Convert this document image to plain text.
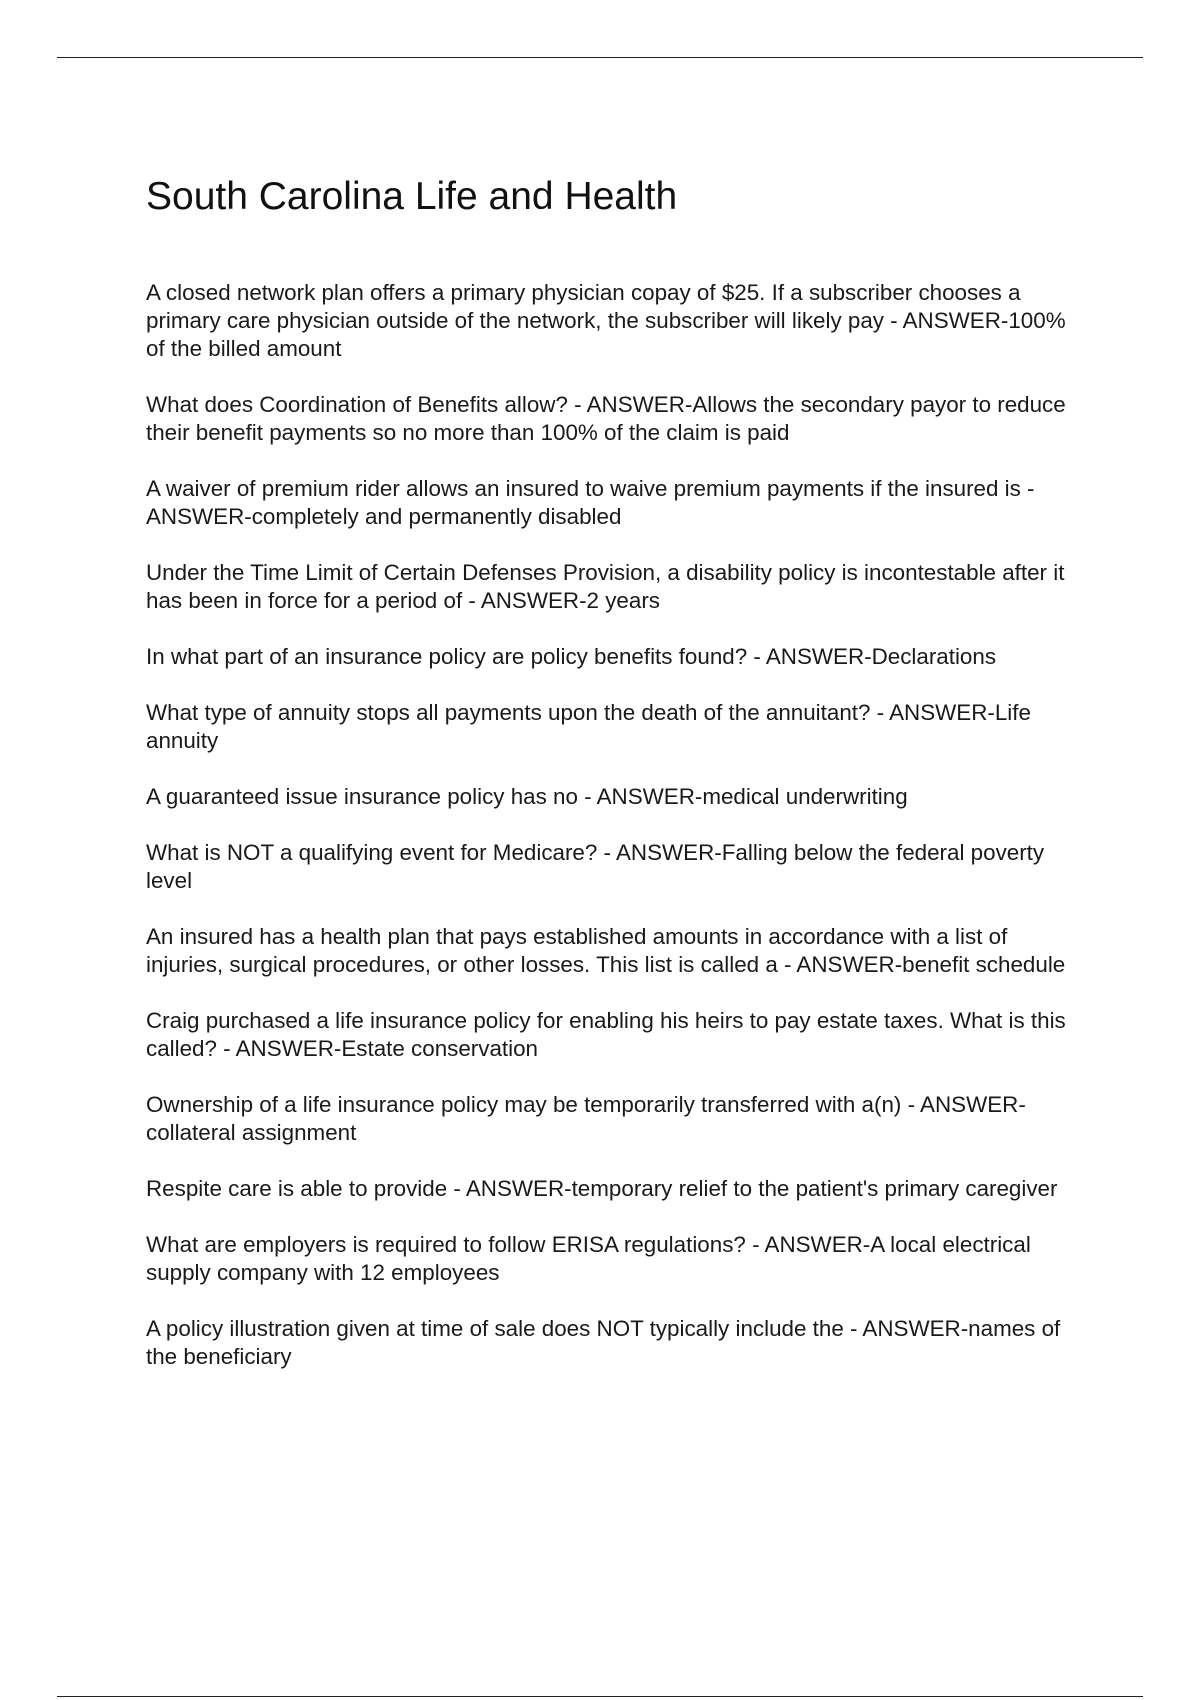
South Carolina Life and Health
A closed network plan offers a primary physician copay of $25. If a subscriber chooses a primary care physician outside of the network, the subscriber will likely pay - ANSWER-100% of the billed amount
What does Coordination of Benefits allow? - ANSWER-Allows the secondary payor to reduce their benefit payments so no more than 100% of the claim is paid
A waiver of premium rider allows an insured to waive premium payments if the insured is - ANSWER-completely and permanently disabled
Under the Time Limit of Certain Defenses Provision, a disability policy is incontestable after it has been in force for a period of - ANSWER-2 years
In what part of an insurance policy are policy benefits found? - ANSWER-Declarations
What type of annuity stops all payments upon the death of the annuitant? - ANSWER-Life annuity
A guaranteed issue insurance policy has no - ANSWER-medical underwriting
What is NOT a qualifying event for Medicare? - ANSWER-Falling below the federal poverty level
An insured has a health plan that pays established amounts in accordance with a list of injuries, surgical procedures, or other losses. This list is called a - ANSWER-benefit schedule
Craig purchased a life insurance policy for enabling his heirs to pay estate taxes. What is this called? - ANSWER-Estate conservation
Ownership of a life insurance policy may be temporarily transferred with a(n) - ANSWER-collateral assignment
Respite care is able to provide - ANSWER-temporary relief to the patient's primary caregiver
What are employers is required to follow ERISA regulations? - ANSWER-A local electrical supply company with 12 employees
A policy illustration given at time of sale does NOT typically include the - ANSWER-names of the beneficiary
